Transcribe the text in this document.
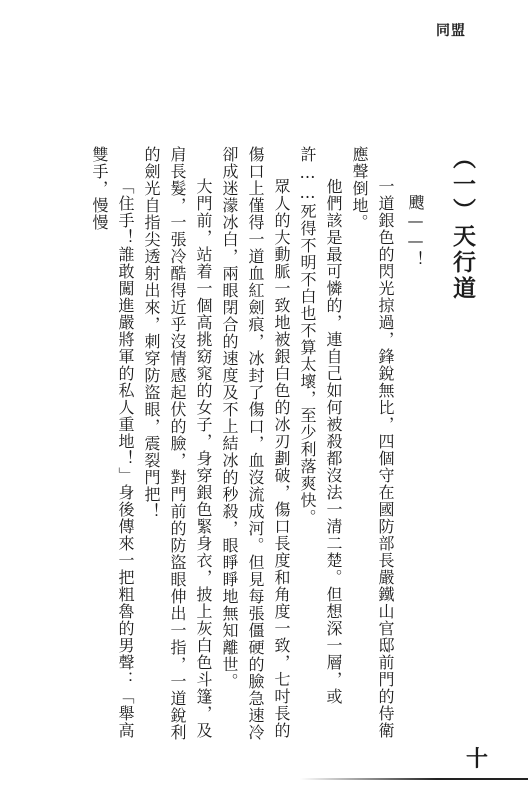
同盟
（一）天行道

颼——！

一道銀色的閃光掠過，鋒銳無比，四個守在國防部長嚴鐵山官邸前門的侍衛應聲倒地。

他們該是最可憐的，連自己如何被殺都沒法一清二楚。但想深一層，或許……死得不明不白也不算太壞，至少利落爽快。

眾人的大動脈一致地被銀白色的冰刃劃破，傷口長度和角度一致，七吋長的傷口上僅得一道血紅劍痕，冰封了傷口，血沒流成河。但見每張僵硬的臉急速冷卻成迷濛冰白，兩眼閉合的速度及不上結冰的秒殺，眼睜睜地無知離世。

大門前，站着一個高挑窈窕的女子，身穿銀色緊身衣，披上灰白色斗篷，及肩長髮，一張冷酷得近乎沒情感起伏的臉，對門前的防盜眼伸出一指，一道銳利的劍光自指尖透射出來，刺穿防盜眼，震裂門把！

「住手！誰敢闖進嚴將軍的私人重地！」身後傳來一把粗魯的男聲：「舉高雙手，慢慢

十
